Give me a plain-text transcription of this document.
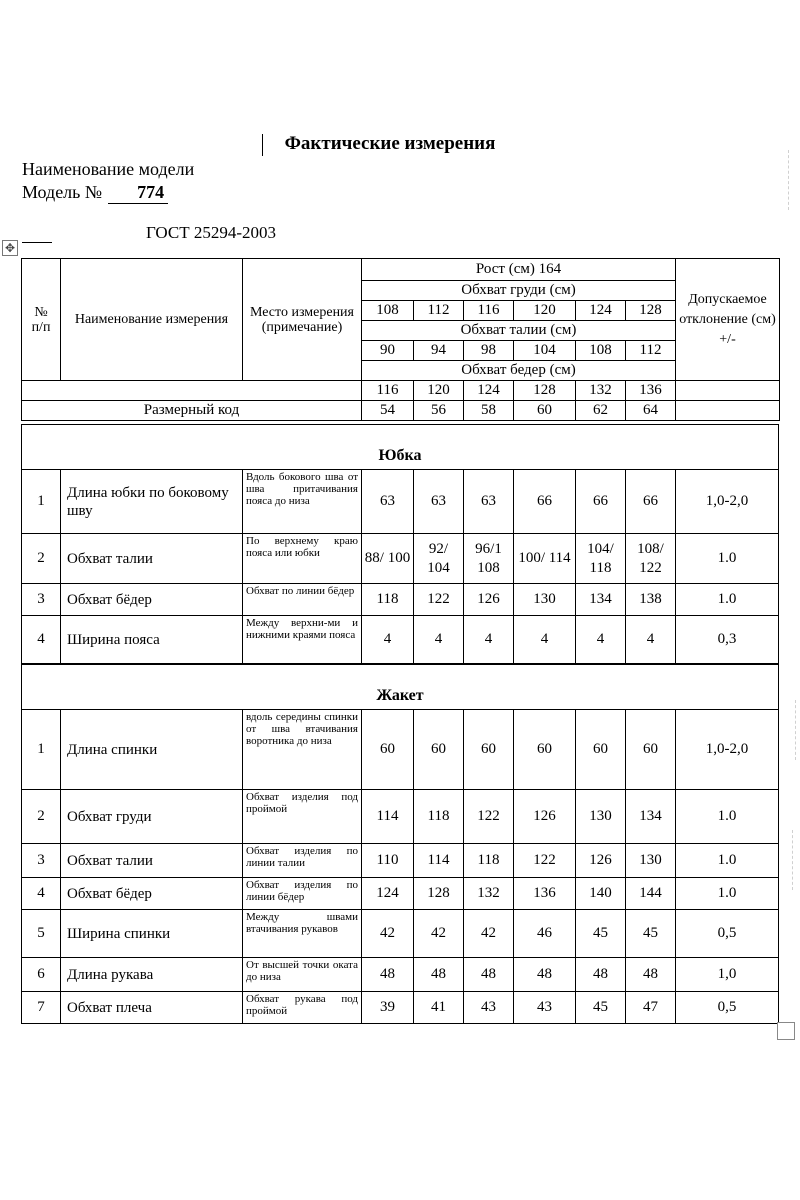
Фактические измерения
Наименование модели
Модель № 774
ГОСТ 25294-2003
✥
№ п/п	Наименование измерения	Место измерения (примечание)	Рост (см) 164						Допускаемое отклонение (см) +/-
			Обхват груди (см)						
			108	112	116	120	124	128	
			Обхват талии (см)						
			90	94	98	104	108	112	
			Обхват бедер (см)						
			116	120	124	128	132	136	
Размерный код			54	56	58	60	62	64	
Юбка									
1	Длина юбки по боковому шву	Вдоль бокового шва от шва притачивания пояса до низа	63	63	63	66	66	66	1,0-2,0
2	Обхват талии	По верхнему краю пояса или юбки	88/ 100	92/ 104	96/1 108	100/ 114	104/ 118	108/ 122	1.0
3	Обхват бёдер	Обхват по линии бёдер	118	122	126	130	134	138	1.0
4	Ширина пояса	Между верхни-ми и нижними краями пояса	4	4	4	4	4	4	0,3
Жакет									
1	Длина спинки	вдоль середины спинки от шва втачивания воротника до низа	60	60	60	60	60	60	1,0-2,0
2	Обхват груди	Обхват изделия под проймой	114	118	122	126	130	134	1.0
3	Обхват талии	Обхват изделия по линии талии	110	114	118	122	126	130	1.0
4	Обхват бёдер	Обхват изделия по линии бёдер	124	128	132	136	140	144	1.0
5	Ширина спинки	Между швами втачивания рукавов	42	42	42	46	45	45	0,5
6	Длина рукава	От высшей точки оката до низа	48	48	48	48	48	48	1,0
7	Обхват плеча	Обхват рукава под проймой	39	41	43	43	45	47	0,5
